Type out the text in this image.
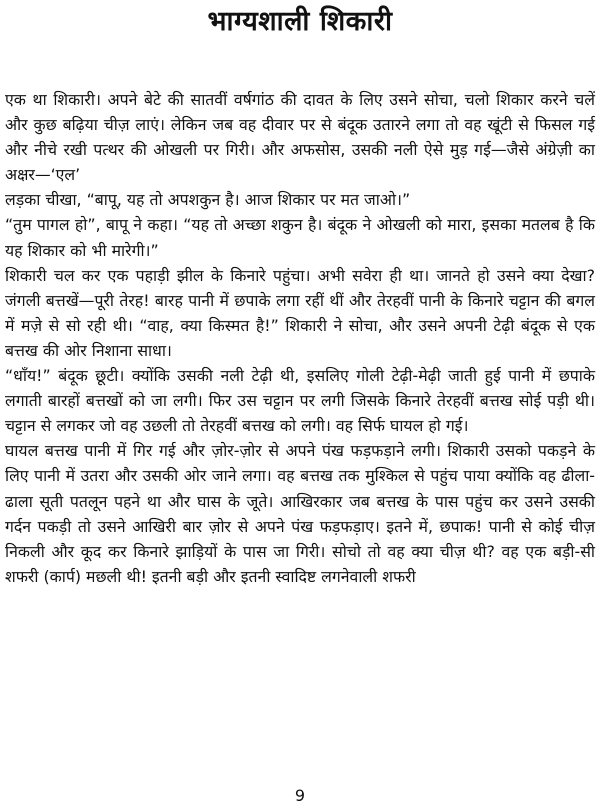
भाग्यशाली शिकारी

एक था शिकारी। अपने बेटे की सातवीं वर्षगांठ की दावत के लिए उसने सोचा, चलो शिकार करने चलें और कुछ बढ़िया चीज़ लाएं। लेकिन जब वह दीवार पर से बंदूक उतारने लगा तो वह खूंटी से फिसल गई और नीचे रखी पत्थर की ओखली पर गिरी। और अफसोस, उसकी नली ऐसे मुड़ गई—जैसे अंग्रेज़ी का अक्षर—‘एल’

लड़का चीखा, “बापू, यह तो अपशकुन है। आज शिकार पर मत जाओ।”

“तुम पागल हो”, बापू ने कहा। “यह तो अच्छा शकुन है। बंदूक ने ओखली को मारा, इसका मतलब है कि यह शिकार को भी मारेगी।”

शिकारी चल कर एक पहाड़ी झील के किनारे पहुंचा। अभी सवेरा ही था। जानते हो उसने क्या देखा? जंगली बत्तखें—पूरी तेरह! बारह पानी में छपाके लगा रहीं थीं और तेरहवीं पानी के किनारे चट्टान की बगल में मज़े से सो रही थी। “वाह, क्या किस्मत है!” शिकारी ने सोचा, और उसने अपनी टेढ़ी बंदूक से एक बत्तख की ओर निशाना साधा।

“धाँय!” बंदूक छूटी। क्योंकि उसकी नली टेढ़ी थी, इसलिए गोली टेढ़ी-मेढ़ी जाती हुई पानी में छपाके लगाती बारहों बत्तखों को जा लगी। फिर उस चट्टान पर लगी जिसके किनारे तेरहवीं बत्तख सोई पड़ी थी। चट्टान से लगकर जो वह उछली तो तेरहवीं बत्तख को लगी। वह सिर्फ घायल हो गई।

घायल बत्तख पानी में गिर गई और ज़ोर-ज़ोर से अपने पंख फड़फड़ाने लगी। शिकारी उसको पकड़ने के लिए पानी में उतरा और उसकी ओर जाने लगा। वह बत्तख तक मुश्किल से पहुंच पाया क्योंकि वह ढीला-ढाला सूती पतलून पहने था और घास के जूते। आखिरकार जब बत्तख के पास पहुंच कर उसने उसकी गर्दन पकड़ी तो उसने आखिरी बार ज़ोर से अपने पंख फड़फड़ाए। इतने में, छपाक! पानी से कोई चीज़ निकली और कूद कर किनारे झाड़ियों के पास जा गिरी। सोचो तो वह क्या चीज़ थी? वह एक बड़ी-सी शफरी (कार्प) मछली थी! इतनी बड़ी और इतनी स्वादिष्ट लगनेवाली शफरी

9
